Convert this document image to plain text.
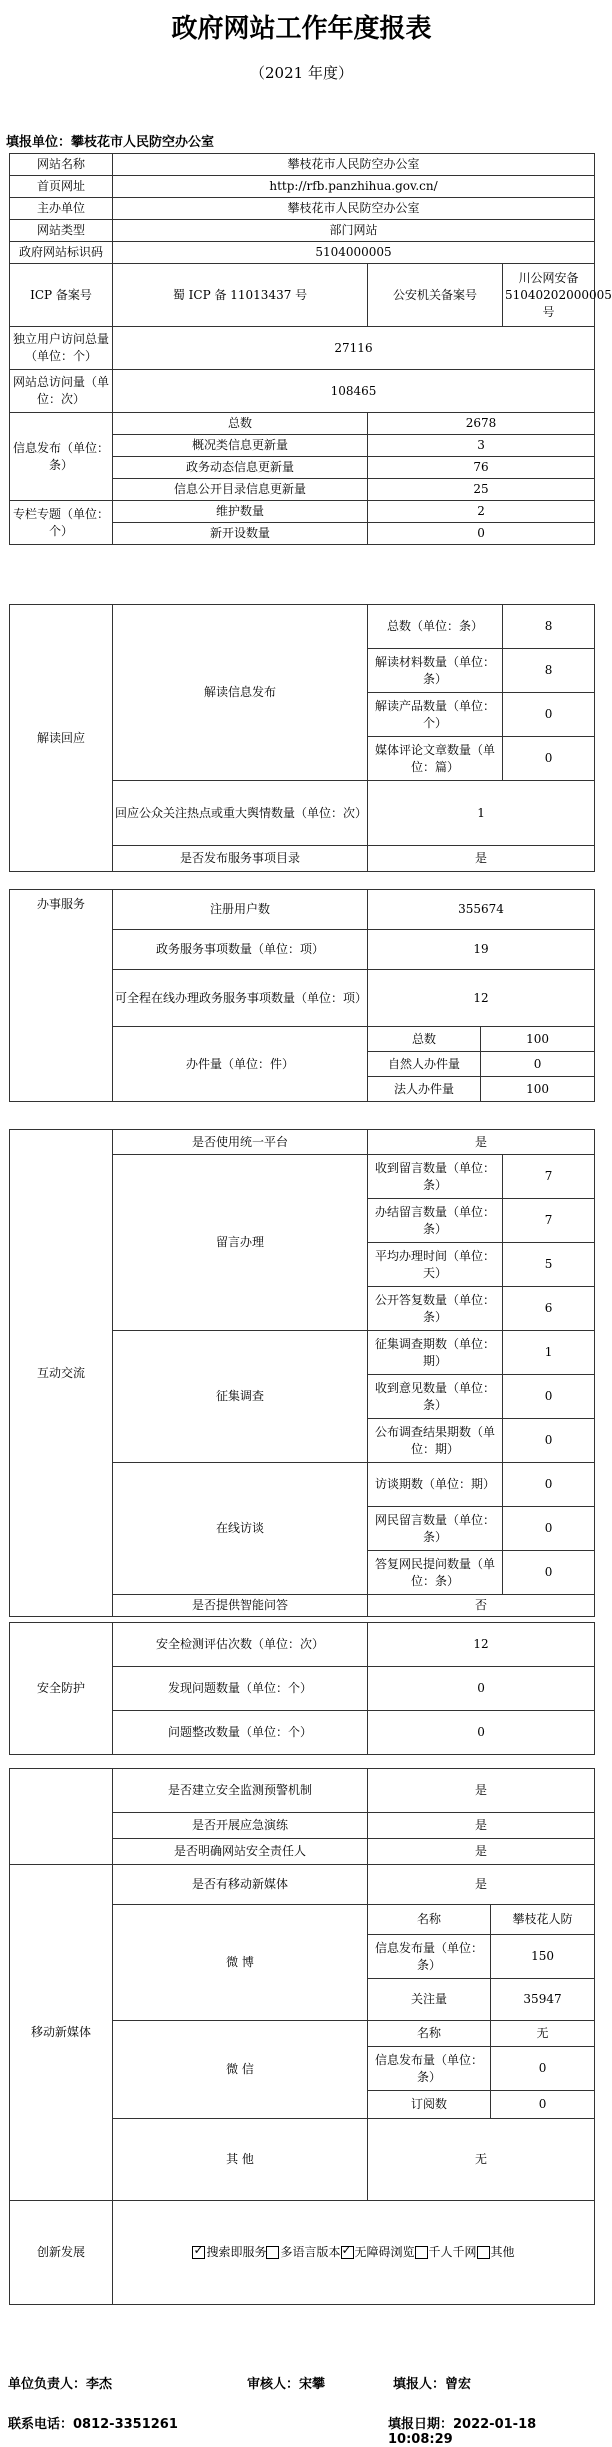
政府网站工作年度报表
（2021 年度）
填报单位：攀枝花市人民防空办公室
网站名称	攀枝花市人民防空办公室		
首页网址	http://rfb.panzhihua.gov.cn/		
主办单位	攀枝花市人民防空办公室		
网站类型	部门网站		
政府网站标识码	5104000005		
ICP 备案号	蜀 ICP 备 11013437 号	公安机关备案号	川公网安备 51040202000005 号
独立用户访问总量（单位：个）	27116		
网站总访问量（单位：次）	108465		
信息发布（单位：条）	总数	2678	
	概况类信息更新量	3	
	政务动态信息更新量	76	
	信息公开目录信息更新量	25	
专栏专题（单位：个）	维护数量	2	
	新开设数量	0	
解读回应	解读信息发布	总数（单位：条）	8
		解读材料数量（单位：条）	8
		解读产品数量（单位：个）	0
		媒体评论文章数量（单位：篇）	0
	回应公众关注热点或重大舆情数量（单位：次）	1	
	是否发布服务事项目录	是	
办事服务	注册用户数	355674	
	政务服务事项数量（单位：项）	19	
	可全程在线办理政务服务事项数量（单位：项）	12	
	办件量（单位：件）	总数	100
		自然人办件量	0
		法人办件量	100
互动交流	是否使用统一平台	是	
	留言办理	收到留言数量（单位：条）	7
		办结留言数量（单位：条）	7
		平均办理时间（单位：天）	5
		公开答复数量（单位：条）	6
	征集调查	征集调查期数（单位：期）	1
		收到意见数量（单位：条）	0
		公布调查结果期数（单位：期）	0
	在线访谈	访谈期数（单位：期）	0
		网民留言数量（单位：条）	0
		答复网民提问数量（单位：条）	0
	是否提供智能问答	否	
安全防护	安全检测评估次数（单位：次）	12
	发现问题数量（单位：个）	0
	问题整改数量（单位：个）	0
	是否建立安全监测预警机制	是	
	是否开展应急演练	是	
	是否明确网站安全责任人	是	
移动新媒体	是否有移动新媒体	是	
	微 博	名称	攀枝花人防
		信息发布量（单位：条）	150
		关注量	35947
	微 信	名称	无
		信息发布量（单位：条）	0
		订阅数	0
	其 他	无	
创新发展	
✓搜索即服务 多语言版本 ✓ 无障碍浏览 千人千网 其他
单位负责人：李杰	审核人：宋攀	填报人：曾宏
联系电话：0812-3351261	填报日期：2022-01-18 10:08:29
